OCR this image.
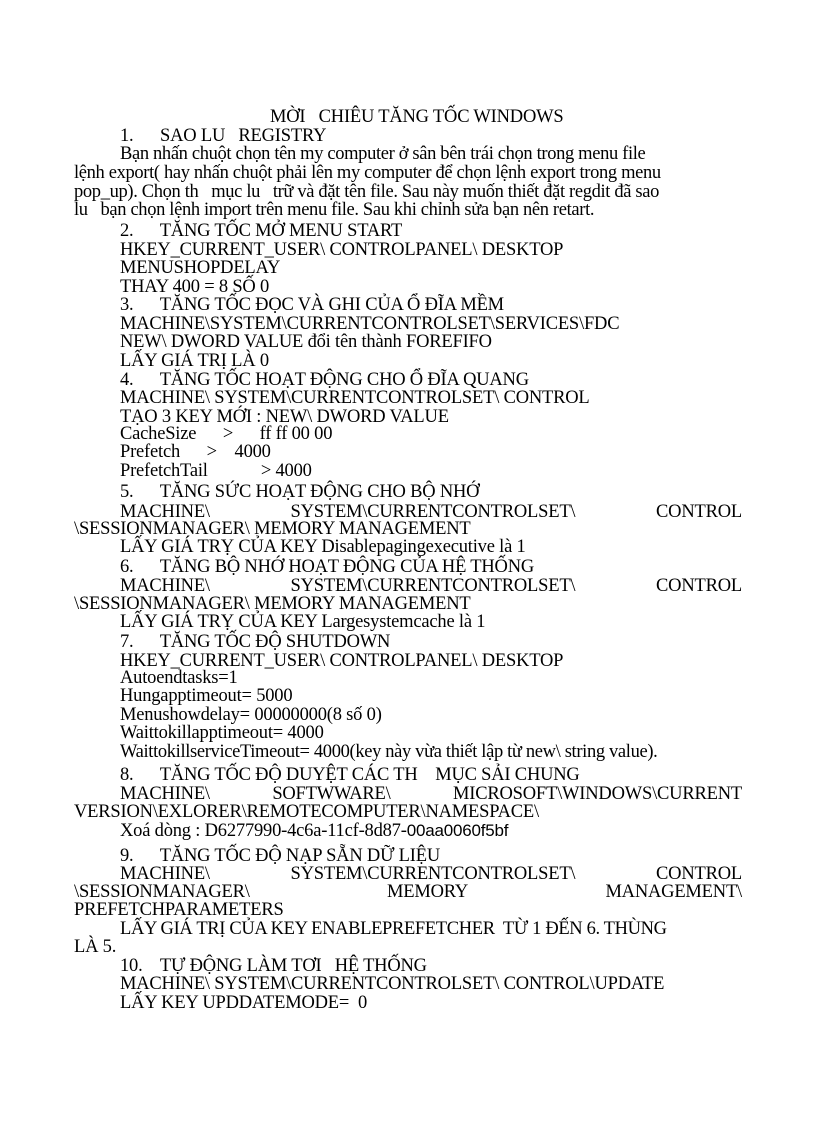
MỜI   CHIÊU TĂNG TỐC WINDOWS
1.      SAO LU   REGISTRY
Bạn nhấn chuột chọn tên my computer ở sân bên trái chọn trong menu file
lệnh export( hay nhấn chuột phải lên my computer để chọn lệnh export trong menu
pop_up). Chọn th   mục lu   trữ và đặt tên file. Sau này muốn thiết đặt regdit đã sao
lu   bạn chọn lệnh import trên menu file. Sau khi chỉnh sửa bạn nên retart.
2.      TĂNG TỐC MỞ MENU START
HKEY_CURRENT_USER\ CONTROLPANEL\ DESKTOP
MENUSHOPDELAY
THAY 400 = 8 SỐ 0
3.      TĂNG TỐC ĐỌC VÀ GHI CỦA Ổ ĐĨA MỀM
MACHINE\SYSTEM\CURRENTCONTROLSET\SERVICES\FDC
NEW\ DWORD VALUE đổi tên thành FOREFIFO
LẤY GIÁ TRỊ LÀ 0
4.      TĂNG TỐC HOẠT ĐỘNG CHO Ổ ĐĨA QUANG
MACHINE\ SYSTEM\CURRENTCONTROLSET\ CONTROL
TẠO 3 KEY MỚI : NEW\ DWORD VALUE
CacheSize      >      ff ff 00 00
Prefetch      >    4000
PrefetchTail            > 4000
5.      TĂNG SỨC HOẠT ĐỘNG CHO BỘ NHỚ
MACHINE\	SYSTEM\CURRENTCONTROLSET\	CONTROL
\SESSIONMANAGER\ MEMORY MANAGEMENT
LẤY GIÁ TRỴ CỦA KEY Disablepagingexecutive là 1
6.      TĂNG BỘ NHỚ HOẠT ĐỘNG CỦA HỆ THỐNG
MACHINE\	SYSTEM\CURRENTCONTROLSET\	CONTROL
\SESSIONMANAGER\ MEMORY MANAGEMENT
LẤY GIÁ TRỴ CỦA KEY Largesystemcache là 1
7.      TĂNG TỐC ĐỘ SHUTDOWN
HKEY_CURRENT_USER\ CONTROLPANEL\ DESKTOP
Autoendtasks=1
Hungapptimeout= 5000
Menushowdelay= 00000000(8 số 0)
Waittokillapptimeout= 4000
WaittokillserviceTimeout= 4000(key này vừa thiết lập từ new\ string value).
8.      TĂNG TỐC ĐỘ DUYỆT CÁC TH    MỤC SẢI CHUNG
MACHINE\	SOFTWWARE\	MICROSOFT\WINDOWS\CURRENT
VERSION\EXLORER\REMOTECOMPUTER\NAMESPACE\
Xoá dòng : D6277990-4c6a-11cf-8d87-00aa0060f5bf
9.      TĂNG TỐC ĐỘ NẠP SẴN DỮ LIỆU
MACHINE\	SYSTEM\CURRENTCONTROLSET\	CONTROL
\SESSIONMANAGER\	MEMORY	MANAGEMENT\
PREFETCHPARAMETERS
LẤY GIÁ TRỊ CỦA KEY ENABLEPREFETCHER  TỪ 1 ĐẾN 6. THÙNG
LÀ 5.
10.    TỰ ĐỘNG LÀM TƠI   HỆ THỐNG
MACHINE\ SYSTEM\CURRENTCONTROLSET\ CONTROL\UPDATE
LẤY KEY UPDDATEMODE=  0
